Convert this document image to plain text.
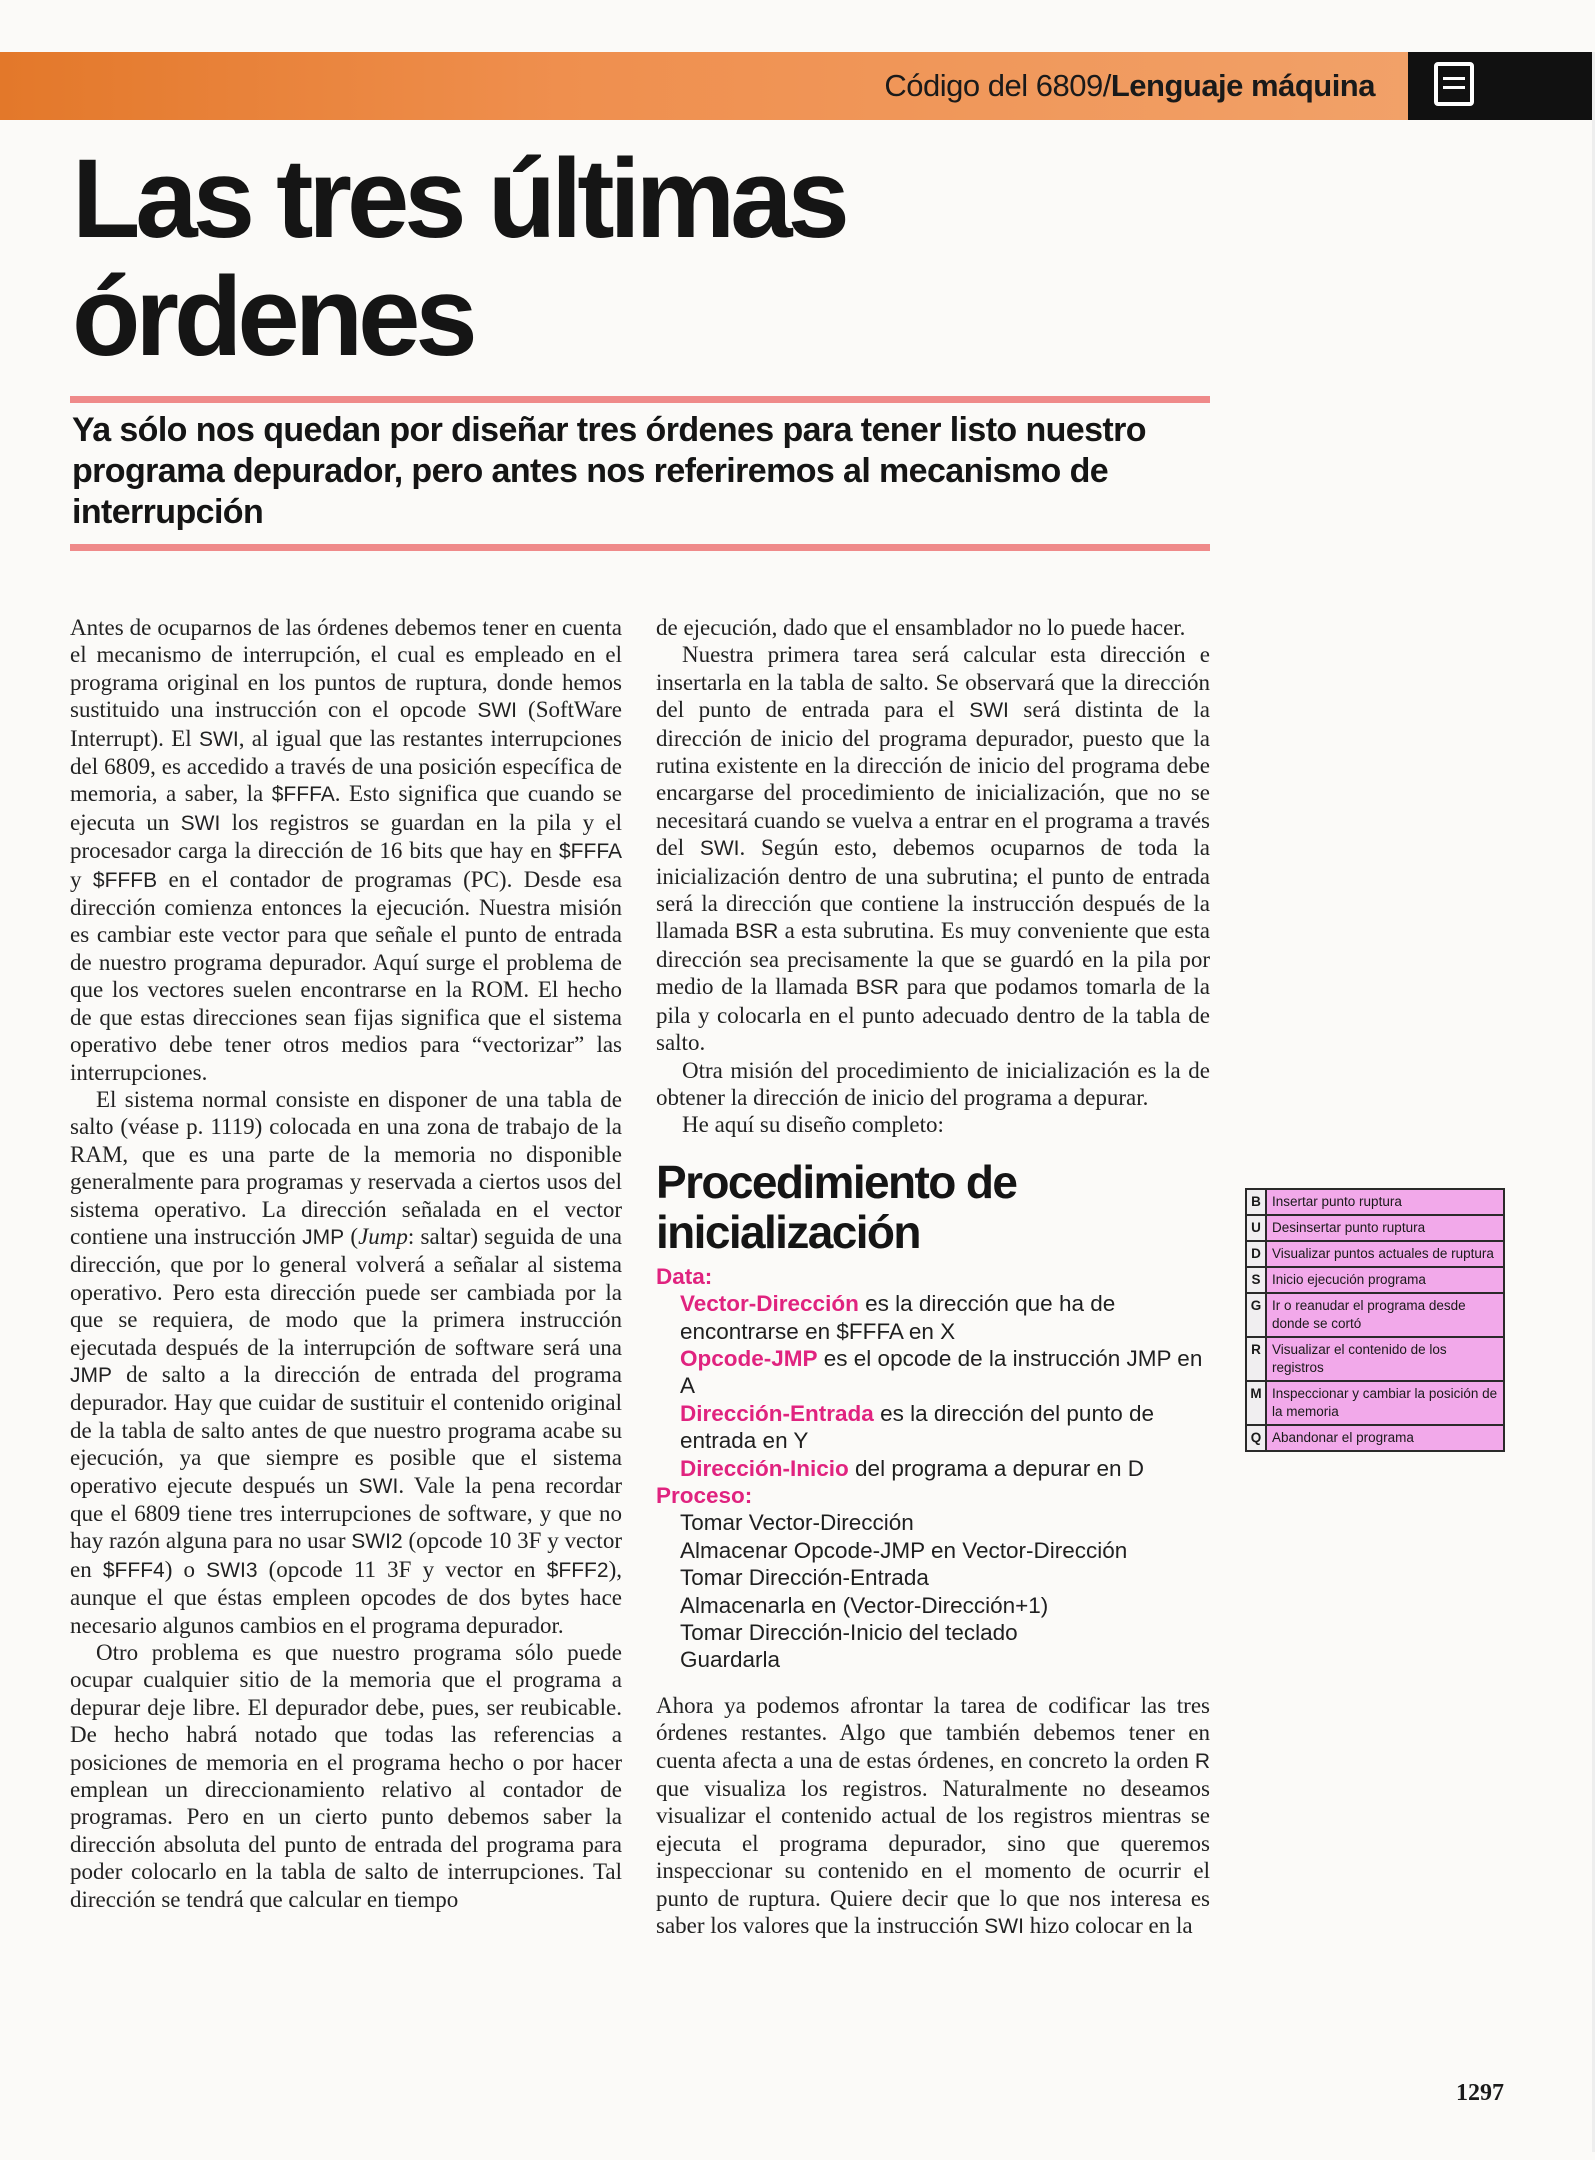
Código del 6809/Lenguaje máquina
Las tres últimas órdenes
Ya sólo nos quedan por diseñar tres órdenes para tener listo nuestro programa depurador, pero antes nos referiremos al mecanismo de interrupción

Antes de ocuparnos de las órdenes debemos tener en cuenta el mecanismo de interrupción, el cual es empleado en el programa original en los puntos de ruptura, donde hemos sustituido una instrucción con el opcode SWI (SoftWare Interrupt). El SWI, al igual que las restantes interrupciones del 6809, es accedido a través de una posición específica de memoria, a saber, la $FFFA. Esto significa que cuando se ejecuta un SWI los registros se guardan en la pila y el procesador carga la dirección de 16 bits que hay en $FFFA y $FFFB en el contador de programas (PC). Desde esa dirección comienza entonces la ejecución. Nuestra misión es cambiar este vector para que señale el punto de entrada de nuestro programa depurador. Aquí surge el problema de que los vectores suelen encontrarse en la ROM. El hecho de que estas direcciones sean fijas significa que el sistema operativo debe tener otros medios para “vectorizar” las interrupciones.

El sistema normal consiste en disponer de una tabla de salto (véase p. 1119) colocada en una zona de trabajo de la RAM, que es una parte de la memoria no disponible generalmente para programas y reservada a ciertos usos del sistema operativo. La dirección señalada en el vector contiene una instrucción JMP (Jump: saltar) seguida de una dirección, que por lo general volverá a señalar al sistema operativo. Pero esta dirección puede ser cambiada por la que se requiera, de modo que la primera instrucción ejecutada después de la interrupción de software será una JMP de salto a la dirección de entrada del programa depurador. Hay que cuidar de sustituir el contenido original de la tabla de salto antes de que nuestro programa acabe su ejecución, ya que siempre es posible que el sistema operativo ejecute después un SWI. Vale la pena recordar que el 6809 tiene tres interrupciones de software, y que no hay razón alguna para no usar SWI2 (opcode 10 3F y vector en $FFF4) o SWI3 (opcode 11 3F y vector en $FFF2), aunque el que éstas empleen opcodes de dos bytes hace necesario algunos cambios en el programa depurador.

Otro problema es que nuestro programa sólo puede ocupar cualquier sitio de la memoria que el programa a depurar deje libre. El depurador debe, pues, ser reubicable. De hecho habrá notado que todas las referencias a posiciones de memoria en el programa hecho o por hacer emplean un direccionamiento relativo al contador de programas. Pero en un cierto punto debemos saber la dirección absoluta del punto de entrada del programa para poder colocarlo en la tabla de salto de interrupciones. Tal dirección se tendrá que calcular en tiempo

de ejecución, dado que el ensamblador no lo puede hacer.

Nuestra primera tarea será calcular esta dirección e insertarla en la tabla de salto. Se observará que la dirección del punto de entrada para el SWI será distinta de la dirección de inicio del programa depurador, puesto que la rutina existente en la dirección de inicio del programa debe encargarse del procedimiento de inicialización, que no se necesitará cuando se vuelva a entrar en el programa a través del SWI. Según esto, debemos ocuparnos de toda la inicialización dentro de una subrutina; el punto de entrada será la dirección que contiene la instrucción después de la llamada BSR a esta subrutina. Es muy conveniente que esta dirección sea precisamente la que se guardó en la pila por medio de la llamada BSR para que podamos tomarla de la pila y colocarla en el punto adecuado dentro de la tabla de salto.

Otra misión del procedimiento de inicialización es la de obtener la dirección de inicio del programa a depurar.

He aquí su diseño completo:

Procedimiento de inicialización
Data:
Vector-Dirección es la dirección que ha de encontrarse en $FFFA en X
Opcode-JMP es el opcode de la instrucción JMP en A
Dirección-Entrada es la dirección del punto de entrada en Y
Dirección-Inicio del programa a depurar en D
Proceso:
Tomar Vector-Dirección
Almacenar Opcode-JMP en Vector-Dirección
Tomar Dirección-Entrada
Almacenarla en (Vector-Dirección+1)
Tomar Dirección-Inicio del teclado
Guardarla

Ahora ya podemos afrontar la tarea de codificar las tres órdenes restantes. Algo que también debemos tener en cuenta afecta a una de estas órdenes, en concreto la orden R que visualiza los registros. Naturalmente no deseamos visualizar el contenido actual de los registros mientras se ejecuta el programa depurador, sino que queremos inspeccionar su contenido en el momento de ocurrir el punto de ruptura. Quiere decir que lo que nos interesa es saber los valores que la instrucción SWI hizo colocar en la

B	Insertar punto ruptura
U	Desinsertar punto ruptura
D	Visualizar puntos actuales de ruptura
S	Inicio ejecución programa
G	Ir o reanudar el programa desde donde se cortó
R	Visualizar el contenido de los registros
M	Inspeccionar y cambiar la posición de la memoria
Q	Abandonar el programa
1297
